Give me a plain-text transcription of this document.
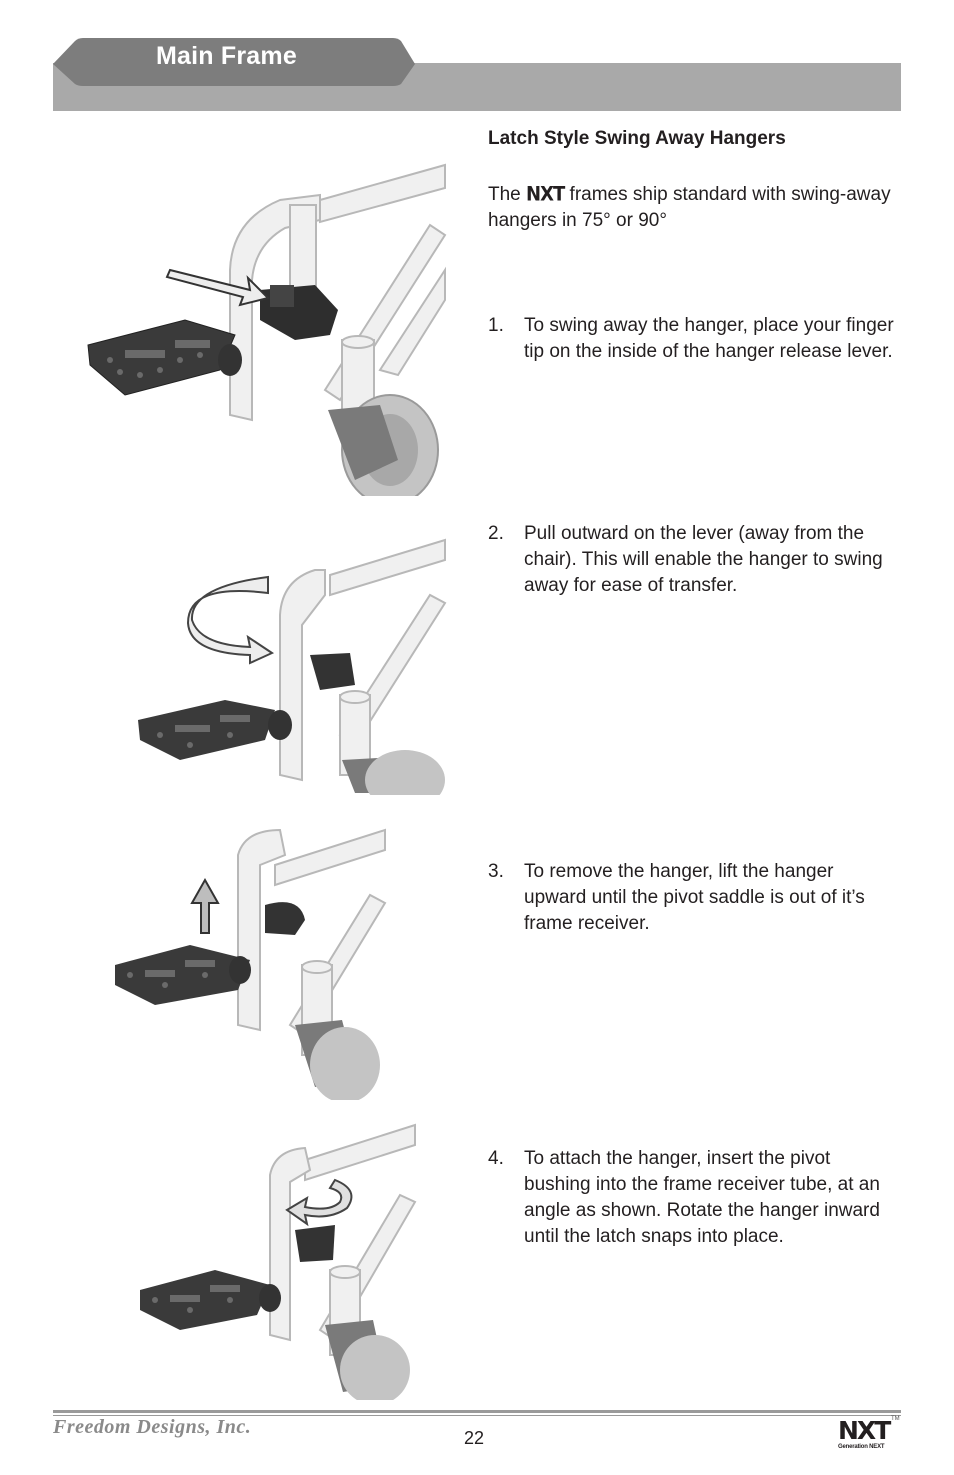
Main Frame
Latch Style Swing Away Hangers
The NXT frames ship standard with swing-away hangers in 75° or 90°
1. To swing away the hanger, place your finger tip on the inside of the hanger release lever.
2. Pull outward on the lever (away from the chair). This will enable the hanger to swing away for ease of transfer.
3. To remove the hanger, lift the hanger upward until the pivot saddle is out of it’s frame receiver.
4. To attach the hanger, insert the pivot bushing into the frame receiver tube, at an angle as shown. Rotate the hanger inward until the latch snaps into place.
Freedom Designs, Inc.	22	NXT TM
Generation NEXT
